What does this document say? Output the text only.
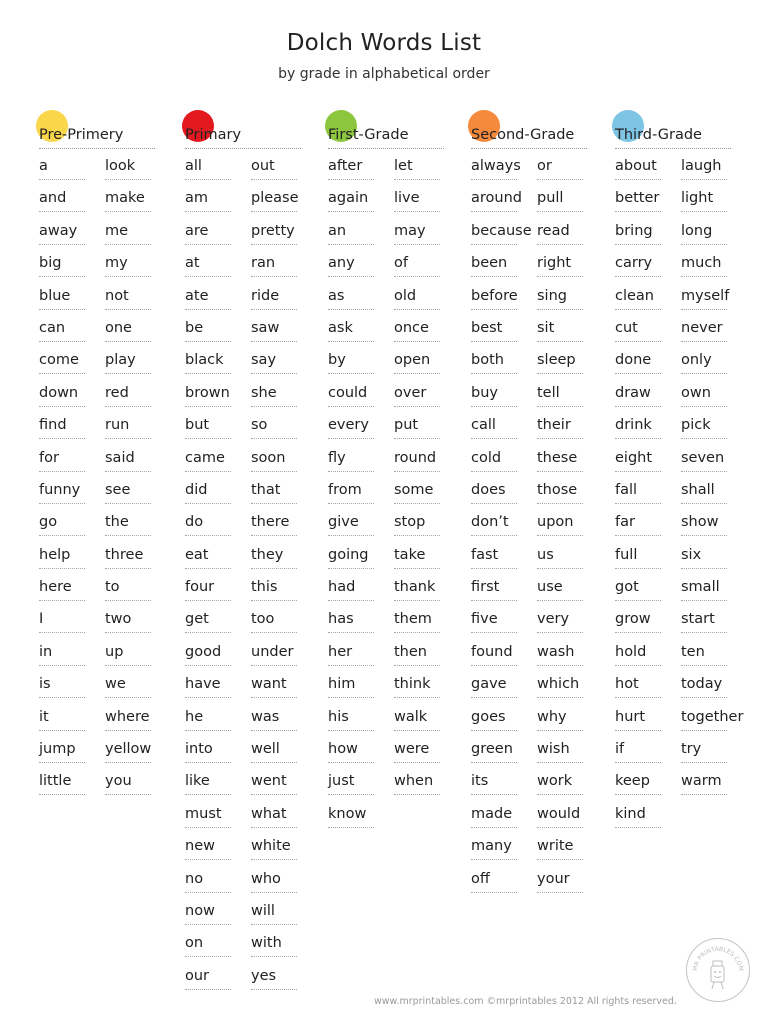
Dolch Words List
by grade in alphabetical order
Pre-Primery
a
and
away
big
blue
can
come
down
find
for
funny
go
help
here
I
in
is
it
jump
little
look
make
me
my
not
one
play
red
run
said
see
the
three
to
two
up
we
where
yellow
you
Primary
all
am
are
at
ate
be
black
brown
but
came
did
do
eat
four
get
good
have
he
into
like
must
new
no
now
on
our
out
please
pretty
ran
ride
saw
say
she
so
soon
that
there
they
this
too
under
want
was
well
went
what
white
who
will
with
yes
First-Grade
after
again
an
any
as
ask
by
could
every
fly
from
give
going
had
has
her
him
his
how
just
know
let
live
may
of
old
once
open
over
put
round
some
stop
take
thank
them
then
think
walk
were
when
Second-Grade
always
around
because
been
before
best
both
buy
call
cold
does
don’t
fast
first
five
found
gave
goes
green
its
made
many
off
or
pull
read
right
sing
sit
sleep
tell
their
these
those
upon
us
use
very
wash
which
why
wish
work
would
write
your
Third-Grade
about
better
bring
carry
clean
cut
done
draw
drink
eight
fall
far
full
got
grow
hold
hot
hurt
if
keep
kind
laugh
light
long
much
myself
never
only
own
pick
seven
shall
show
six
small
start
ten
today
together
try
warm
www.mrprintables.com ©mrprintables 2012 All rights reserved.
MR PRINTABLES.COM
